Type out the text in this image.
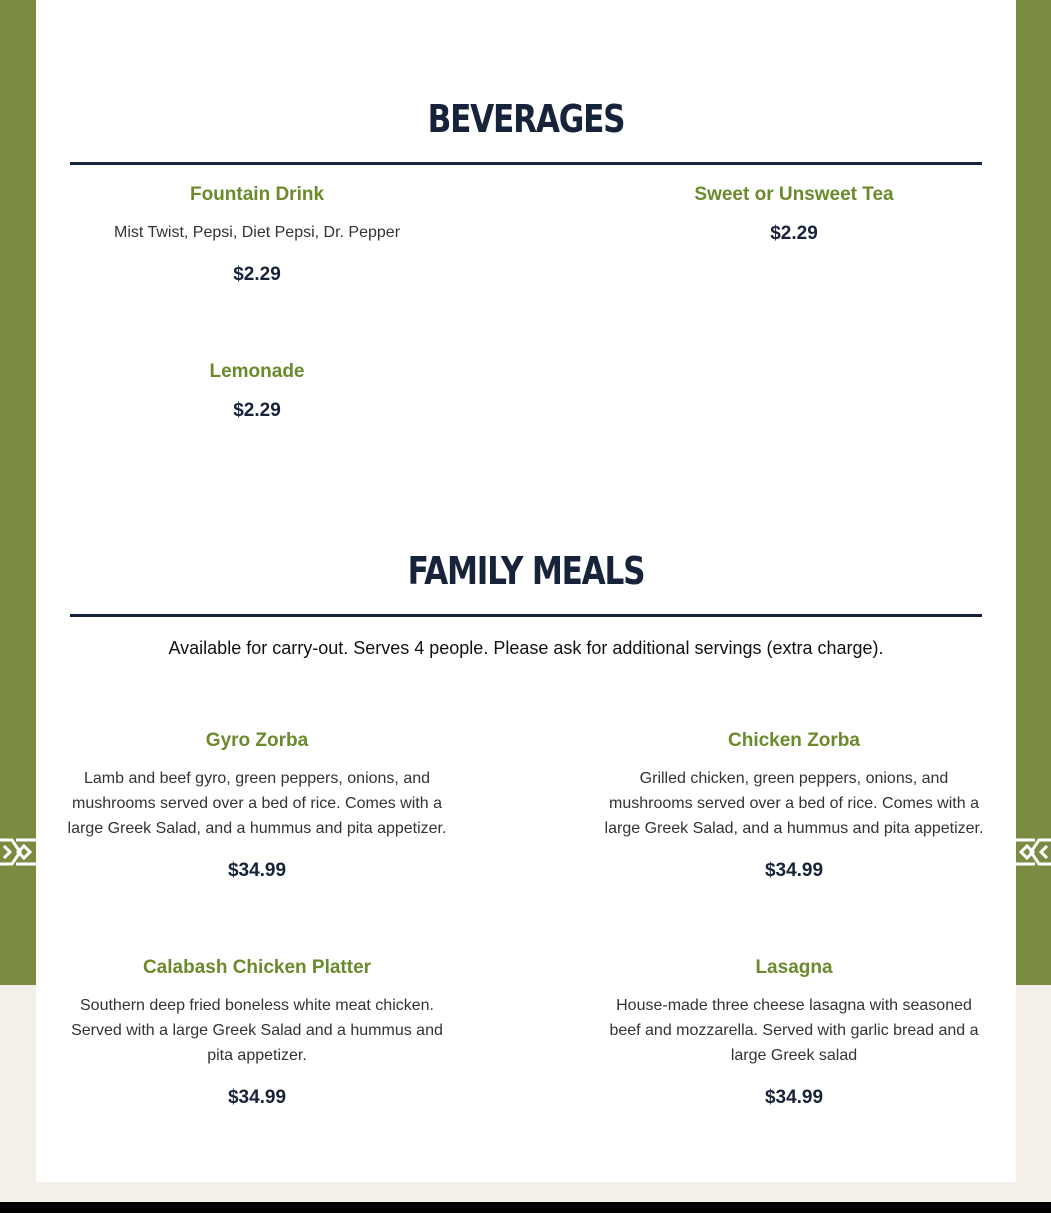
BEVERAGES
Fountain Drink
Mist Twist, Pepsi, Diet Pepsi, Dr. Pepper
$2.29
Sweet or Unsweet Tea
$2.29
Lemonade
$2.29
FAMILY MEALS
Available for carry-out. Serves 4 people. Please ask for additional servings (extra charge).
Gyro Zorba
Lamb and beef gyro, green peppers, onions, and mushrooms served over a bed of rice. Comes with a large Greek Salad, and a hummus and pita appetizer.
$34.99
Chicken Zorba
Grilled chicken, green peppers, onions, and mushrooms served over a bed of rice. Comes with a large Greek Salad, and a hummus and pita appetizer.
$34.99
Calabash Chicken Platter
Southern deep fried boneless white meat chicken. Served with a large Greek Salad and a hummus and pita appetizer.
$34.99
Lasagna
House-made three cheese lasagna with seasoned beef and mozzarella. Served with garlic bread and a large Greek salad
$34.99
